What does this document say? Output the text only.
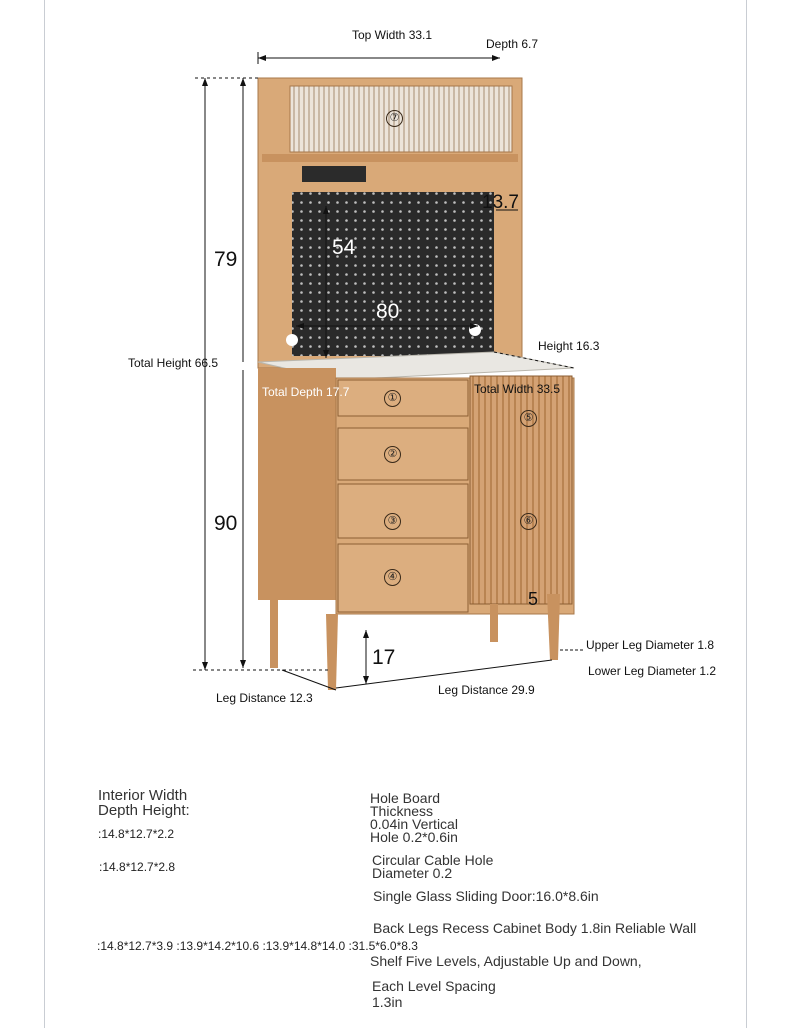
Top Width 33.1
Depth 6.7
Total Height 66.5
79
90
54
80
13.7
Height 16.3
Total Depth 17.7	Total Width 33.5
17
5
Upper Leg Diameter 1.8
Lower Leg Diameter 1.2
Leg Distance 12.3
Leg Distance 29.9
⑦
①
②
③
④
⑤
⑥
Interior Width
Depth Height:
:14.8*12.7*2.2
:14.8*12.7*2.8
:14.8*12.7*3.9 :13.9*14.2*10.6 :13.9*14.8*14.0 :31.5*6.0*8.3
Hole Board
Thickness
0.04in Vertical
Hole 0.2*0.6in
Circular Cable Hole
Diameter 0.2
Single Glass Sliding Door:16.0*8.6in
Back Legs Recess Cabinet Body 1.8in Reliable Wall
Shelf Five Levels, Adjustable Up and Down,
Each Level Spacing
1.3in
